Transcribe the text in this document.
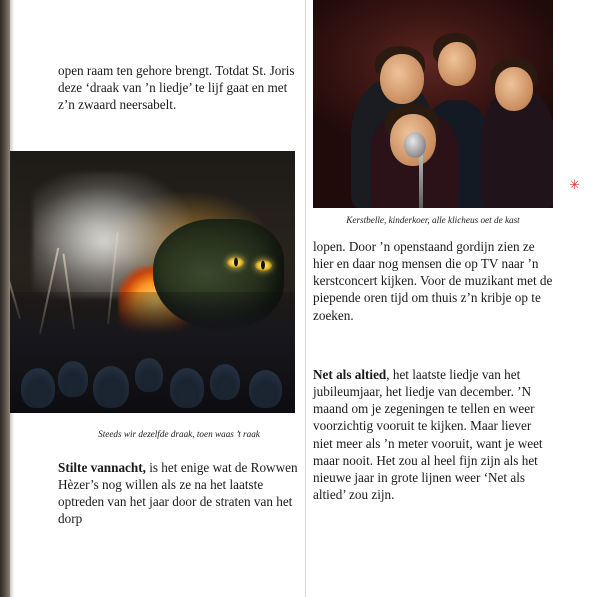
open raam ten gehore brengt. Totdat St. Joris deze ‘draak van ’n liedje’ te lijf gaat en met z’n zwaard neersabelt.

Steeds wir dezelfde draak, toen waas ’t raak

Stilte vannacht, is het enige wat de Rowwen Hèzer’s nog willen als ze na het laatste optreden van het jaar door de straten van het dorp

Kerstbelle, kinderkoer, alle klicheus oet de kast

lopen. Door ’n openstaand gordijn zien ze hier en daar nog mensen die op TV naar ’n kerstconcert kijken. Voor de muzikant met de piepende oren tijd om thuis z’n kribje op te zoeken.

Net als altied, het laatste liedje van het jubileumjaar, het liedje van december. ’N maand om je zegeningen te tellen en weer voorzichtig vooruit te kijken. Maar liever niet meer als ’n meter vooruit, want je weet maar nooit. Het zou al heel fijn zijn als het nieuwe jaar in grote lijnen weer ‘Net als altied’ zou zijn.

✳
